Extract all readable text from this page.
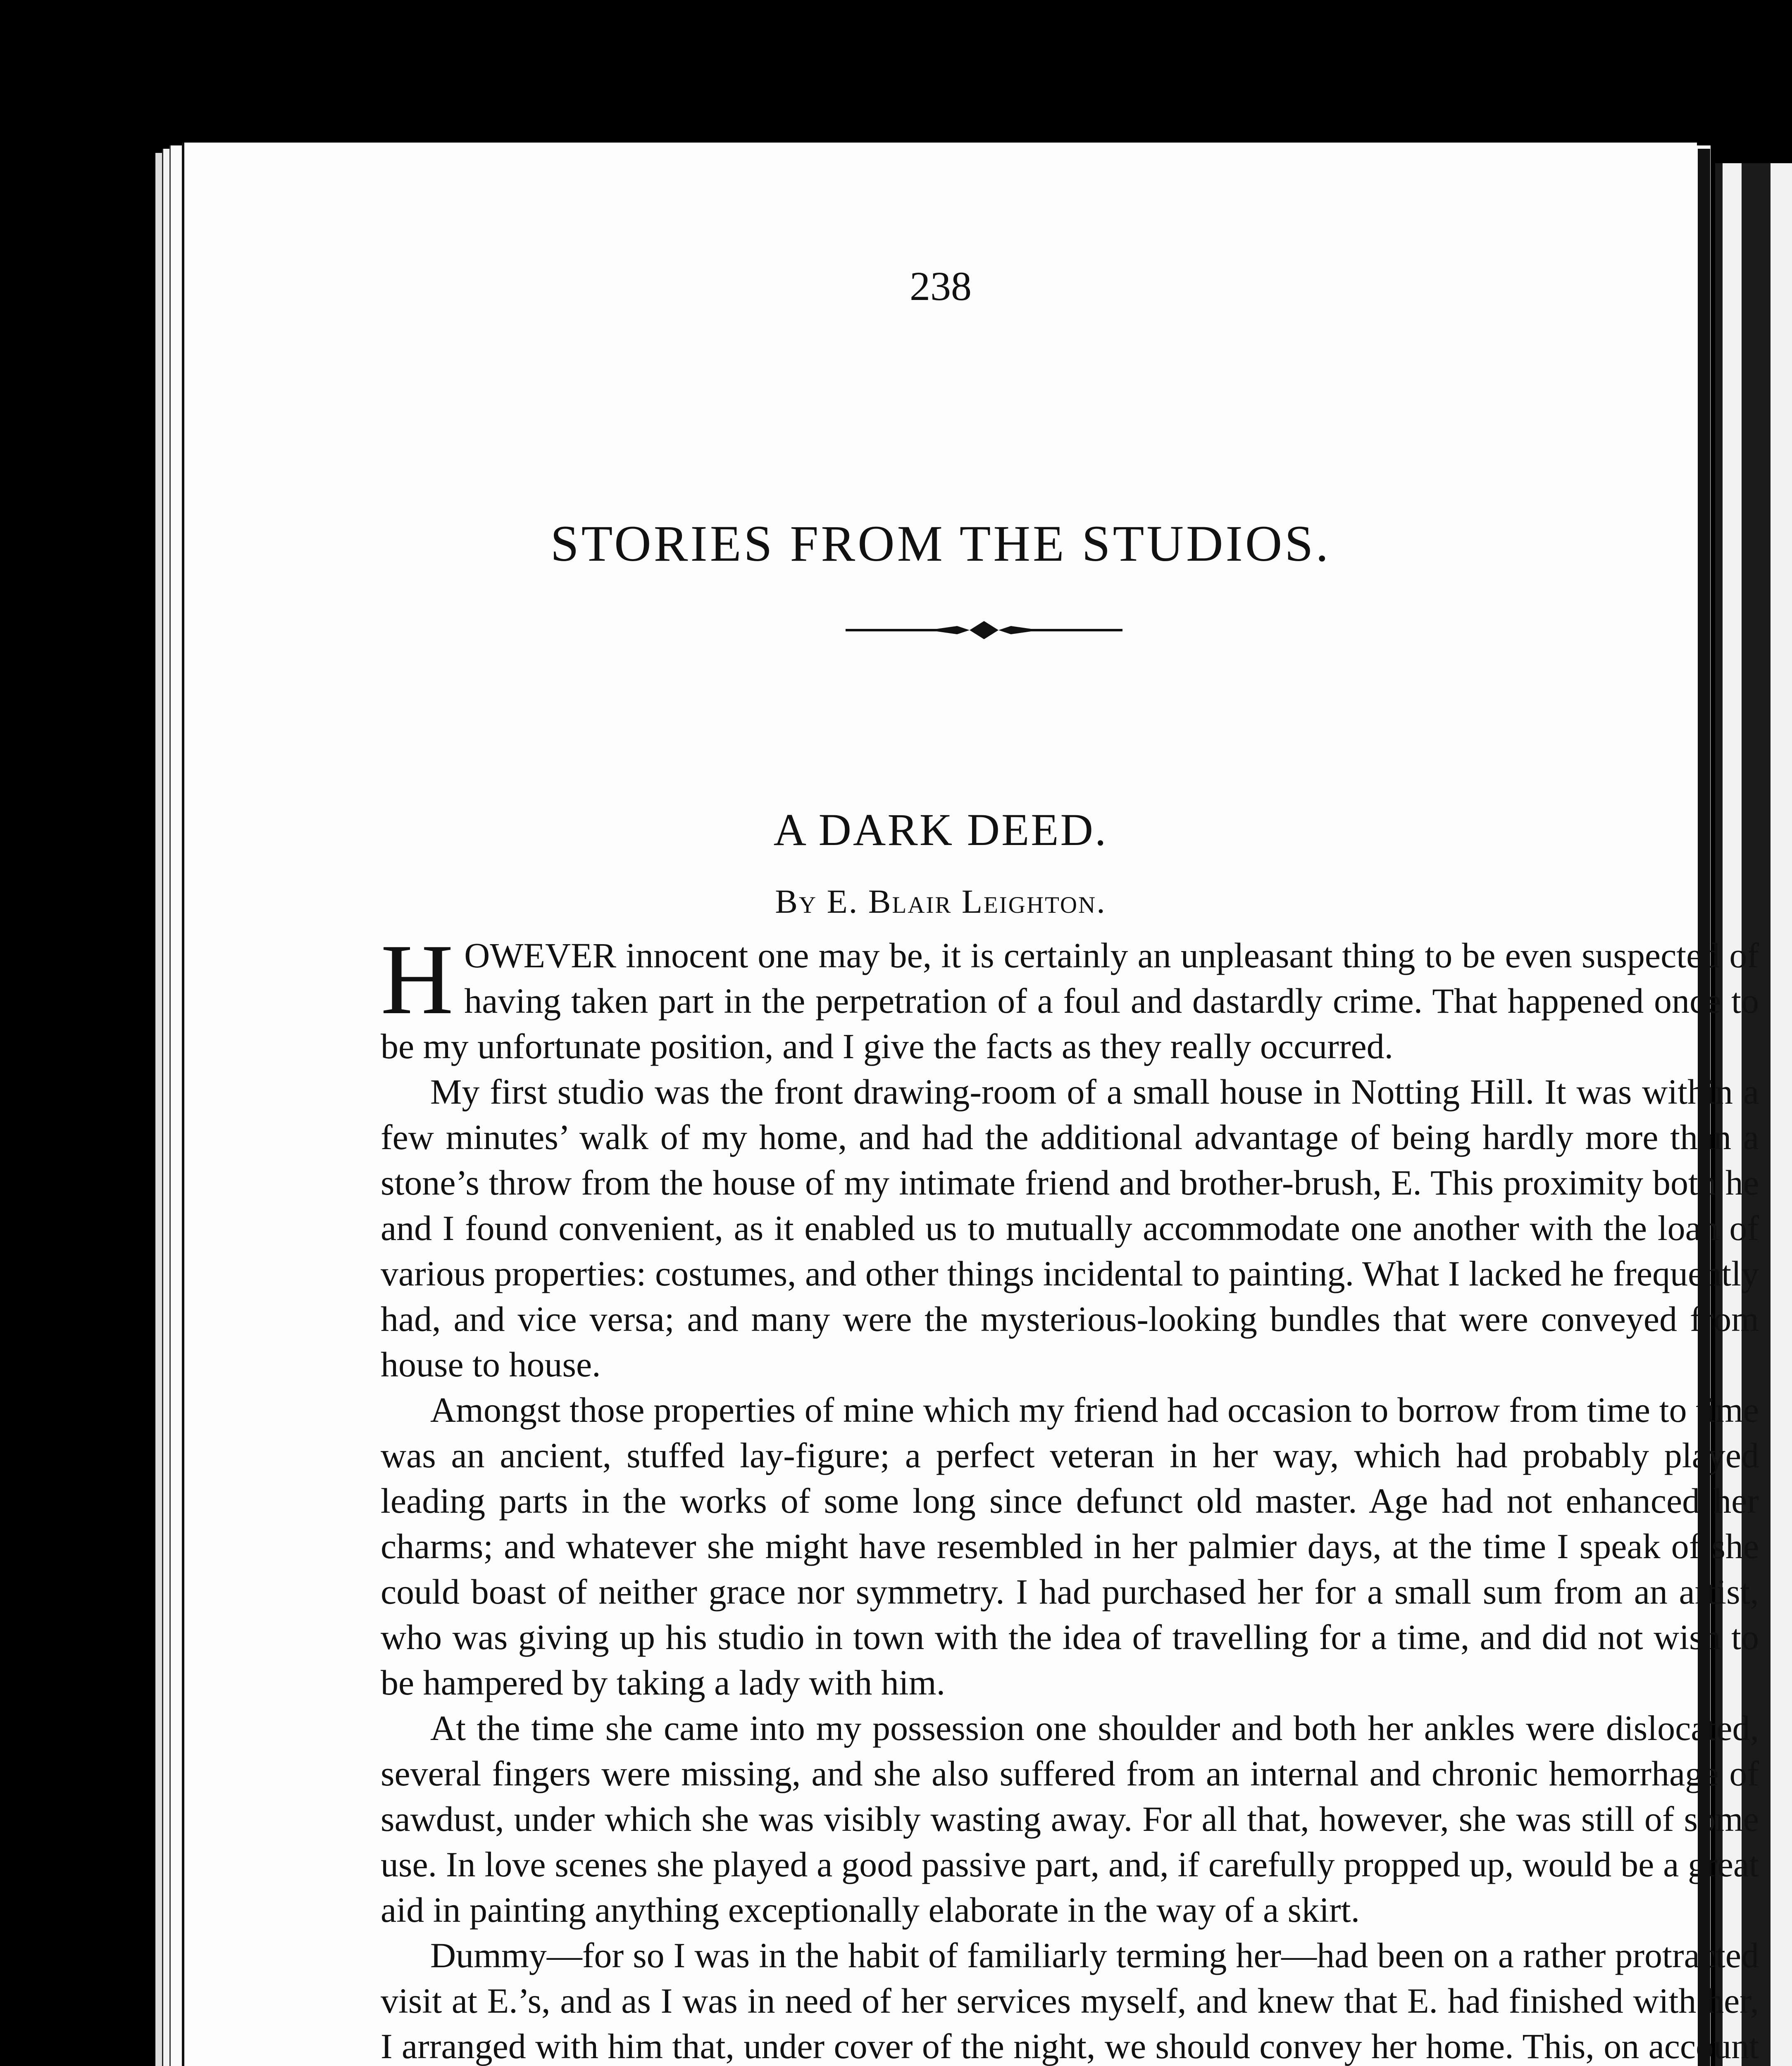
238
STORIES FROM THE STUDIOS.
A DARK DEED.
By E. Blair Leighton.

HOWEVER innocent one may be, it is certainly an unpleasant thing to be even suspected of having taken part in the perpetration of a foul and dastardly crime. That happened once to be my unfortunate position, and I give the facts as they really occurred.

My first studio was the front drawing-room of a small house in Notting Hill. It was within a few minutes’ walk of my home, and had the additional advantage of being hardly more than a stone’s throw from the house of my intimate friend and brother-brush, E. This proximity both he and I found convenient, as it enabled us to mutually accommodate one another with the loan of various properties: costumes, and other things incidental to painting. What I lacked he frequently had, and vice versa; and many were the mysterious-looking bundles that were conveyed from house to house.

Amongst those properties of mine which my friend had occasion to borrow from time to time was an ancient, stuffed lay-figure; a perfect veteran in her way, which had probably played leading parts in the works of some long since defunct old master. Age had not enhanced her charms; and whatever she might have resembled in her palmier days, at the time I speak of she could boast of neither grace nor symmetry. I had purchased her for a small sum from an artist, who was giving up his studio in town with the idea of travelling for a time, and did not wish to be hampered by taking a lady with him.

At the time she came into my possession one shoulder and both her ankles were dislocated, several fingers were missing, and she also suffered from an internal and chronic hemorrhage of sawdust, under which she was visibly wasting away. For all that, however, she was still of some use. In love scenes she played a good passive part, and, if carefully propped up, would be a great aid in painting anything exceptionally elaborate in the way of a skirt.

Dummy—for so I was in the habit of familiarly terming her—had been on a rather protracted visit at E.’s, and as I was in need of her services myself, and knew that E. had finished with her, I arranged with him that, under cover of the night, we should convey her home. This, on account
